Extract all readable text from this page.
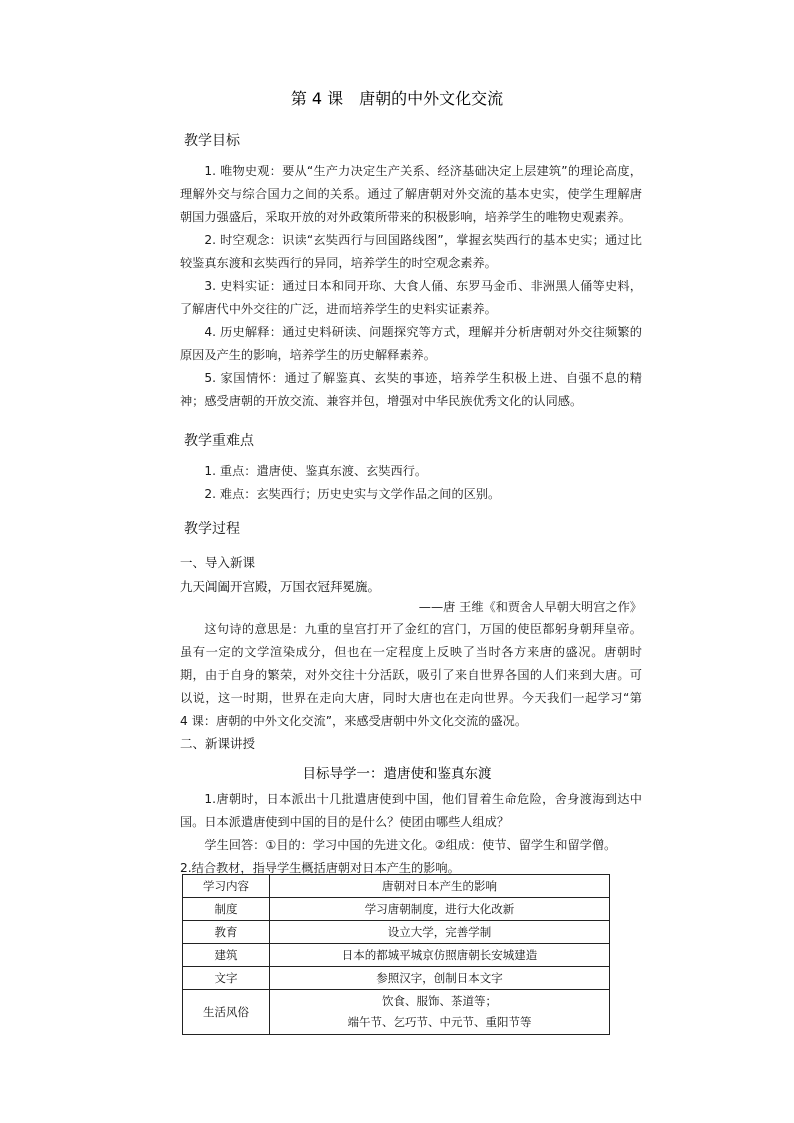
第 4 课　唐朝的中外文化交流
教学目标

1. 唯物史观：要从“生产力决定生产关系、经济基础决定上层建筑”的理论高度，理解外交与综合国力之间的关系。通过了解唐朝对外交流的基本史实，使学生理解唐朝国力强盛后，采取开放的对外政策所带来的积极影响，培养学生的唯物史观素养。

2. 时空观念：识读“玄奘西行与回国路线图”，掌握玄奘西行的基本史实；通过比较鉴真东渡和玄奘西行的异同，培养学生的时空观念素养。

3. 史料实证：通过日本和同开珎、大食人俑、东罗马金币、非洲黑人俑等史料，了解唐代中外交往的广泛，进而培养学生的史料实证素养。

4. 历史解释：通过史料研读、问题探究等方式，理解并分析唐朝对外交往频繁的原因及产生的影响，培养学生的历史解释素养。

5. 家国情怀：通过了解鉴真、玄奘的事迹，培养学生积极上进、自强不息的精神；感受唐朝的开放交流、兼容并包，增强对中华民族优秀文化的认同感。

教学重难点

1. 重点：遣唐使、鉴真东渡、玄奘西行。

2. 难点：玄奘西行；历史史实与文学作品之间的区别。

教学过程
一、导入新课
九天阊阖开宫殿，万国衣冠拜冕旒。
——唐 王维《和贾舍人早朝大明宫之作》

这句诗的意思是：九重的皇宫打开了金红的宫门，万国的使臣都躬身朝拜皇帝。虽有一定的文学渲染成分，但也在一定程度上反映了当时各方来唐的盛况。唐朝时期，由于自身的繁荣，对外交往十分活跃，吸引了来自世界各国的人们来到大唐。可以说，这一时期，世界在走向大唐，同时大唐也在走向世界。今天我们一起学习“第　4 课：唐朝的中外文化交流”，来感受唐朝中外文化交流的盛况。

二、新课讲授
目标导学一：遣唐使和鉴真东渡

1.唐朝时，日本派出十几批遣唐使到中国，他们冒着生命危险，舍身渡海到达中国。日本派遣唐使到中国的目的是什么？使团由哪些人组成？

学生回答：①目的：学习中国的先进文化。②组成：使节、留学生和留学僧。

2.结合教材，指导学生概括唐朝对日本产生的影响。

学习内容	唐朝对日本产生的影响
制度	学习唐朝制度，进行大化改新
教育	设立大学，完善学制
建筑	日本的都城平城京仿照唐朝长安城建造
文字	参照汉字，创制日本文字
生活风俗	饮食、服饰、茶道等；
端午节、乞巧节、中元节、重阳节等
